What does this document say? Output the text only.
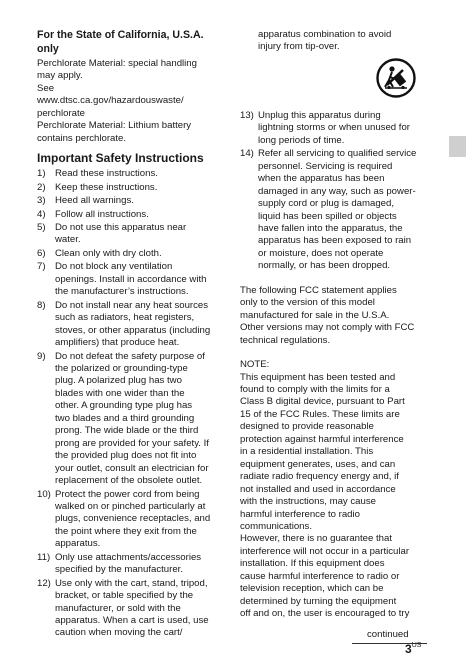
For the State of California, U.S.A.
only

Perchlorate Material: special handling
may apply.
See
www.dtsc.ca.gov/hazardouswaste/
perchlorate
Perchlorate Material: Lithium battery
contains perchlorate.

Important Safety Instructions

1) Read these instructions.
2) Keep these instructions.
3) Heed all warnings.
4) Follow all instructions.
5) Do not use this apparatus near
water.
6) Clean only with dry cloth.
7) Do not block any ventilation
openings. Install in accordance with
the manufacturer’s instructions.
8) Do not install near any heat sources
such as radiators, heat registers,
stoves, or other apparatus (including
amplifiers) that produce heat.
9) Do not defeat the safety purpose of
the polarized or grounding-type
plug. A polarized plug has two
blades with one wider than the
other. A grounding type plug has
two blades and a third grounding
prong. The wide blade or the third
prong are provided for your safety. If
the provided plug does not fit into
your outlet, consult an electrician for
replacement of the obsolete outlet.
10) Protect the power cord from being
walked on or pinched particularly at
plugs, convenience receptacles, and
the point where they exit from the
apparatus.
11) Only use attachments/accessories
specified by the manufacturer.
12) Use only with the cart, stand, tripod,
bracket, or table specified by the
manufacturer, or sold with the
apparatus. When a cart is used, use
caution when moving the cart/

apparatus combination to avoid
injury from tip-over.

13) Unplug this apparatus during
lightning storms or when unused for
long periods of time.
14) Refer all servicing to qualified service
personnel. Servicing is required
when the apparatus has been
damaged in any way, such as power-
supply cord or plug is damaged,
liquid has been spilled or objects
have fallen into the apparatus, the
apparatus has been exposed to rain
or moisture, does not operate
normally, or has been dropped.

The following FCC statement applies
only to the version of this model
manufactured for sale in the U.S.A.
Other versions may not comply with FCC
technical regulations.

NOTE:
This equipment has been tested and
found to comply with the limits for a
Class B digital device, pursuant to Part
15 of the FCC Rules. These limits are
designed to provide reasonable
protection against harmful interference
in a residential installation. This
equipment generates, uses, and can
radiate radio frequency energy and, if
not installed and used in accordance
with the instructions, may cause
harmful interference to radio
communications.
However, there is no guarantee that
interference will not occur in a particular
installation. If this equipment does
cause harmful interference to radio or
television reception, which can be
determined by turning the equipment
off and on, the user is encouraged to try

continued
$3^{US}$
